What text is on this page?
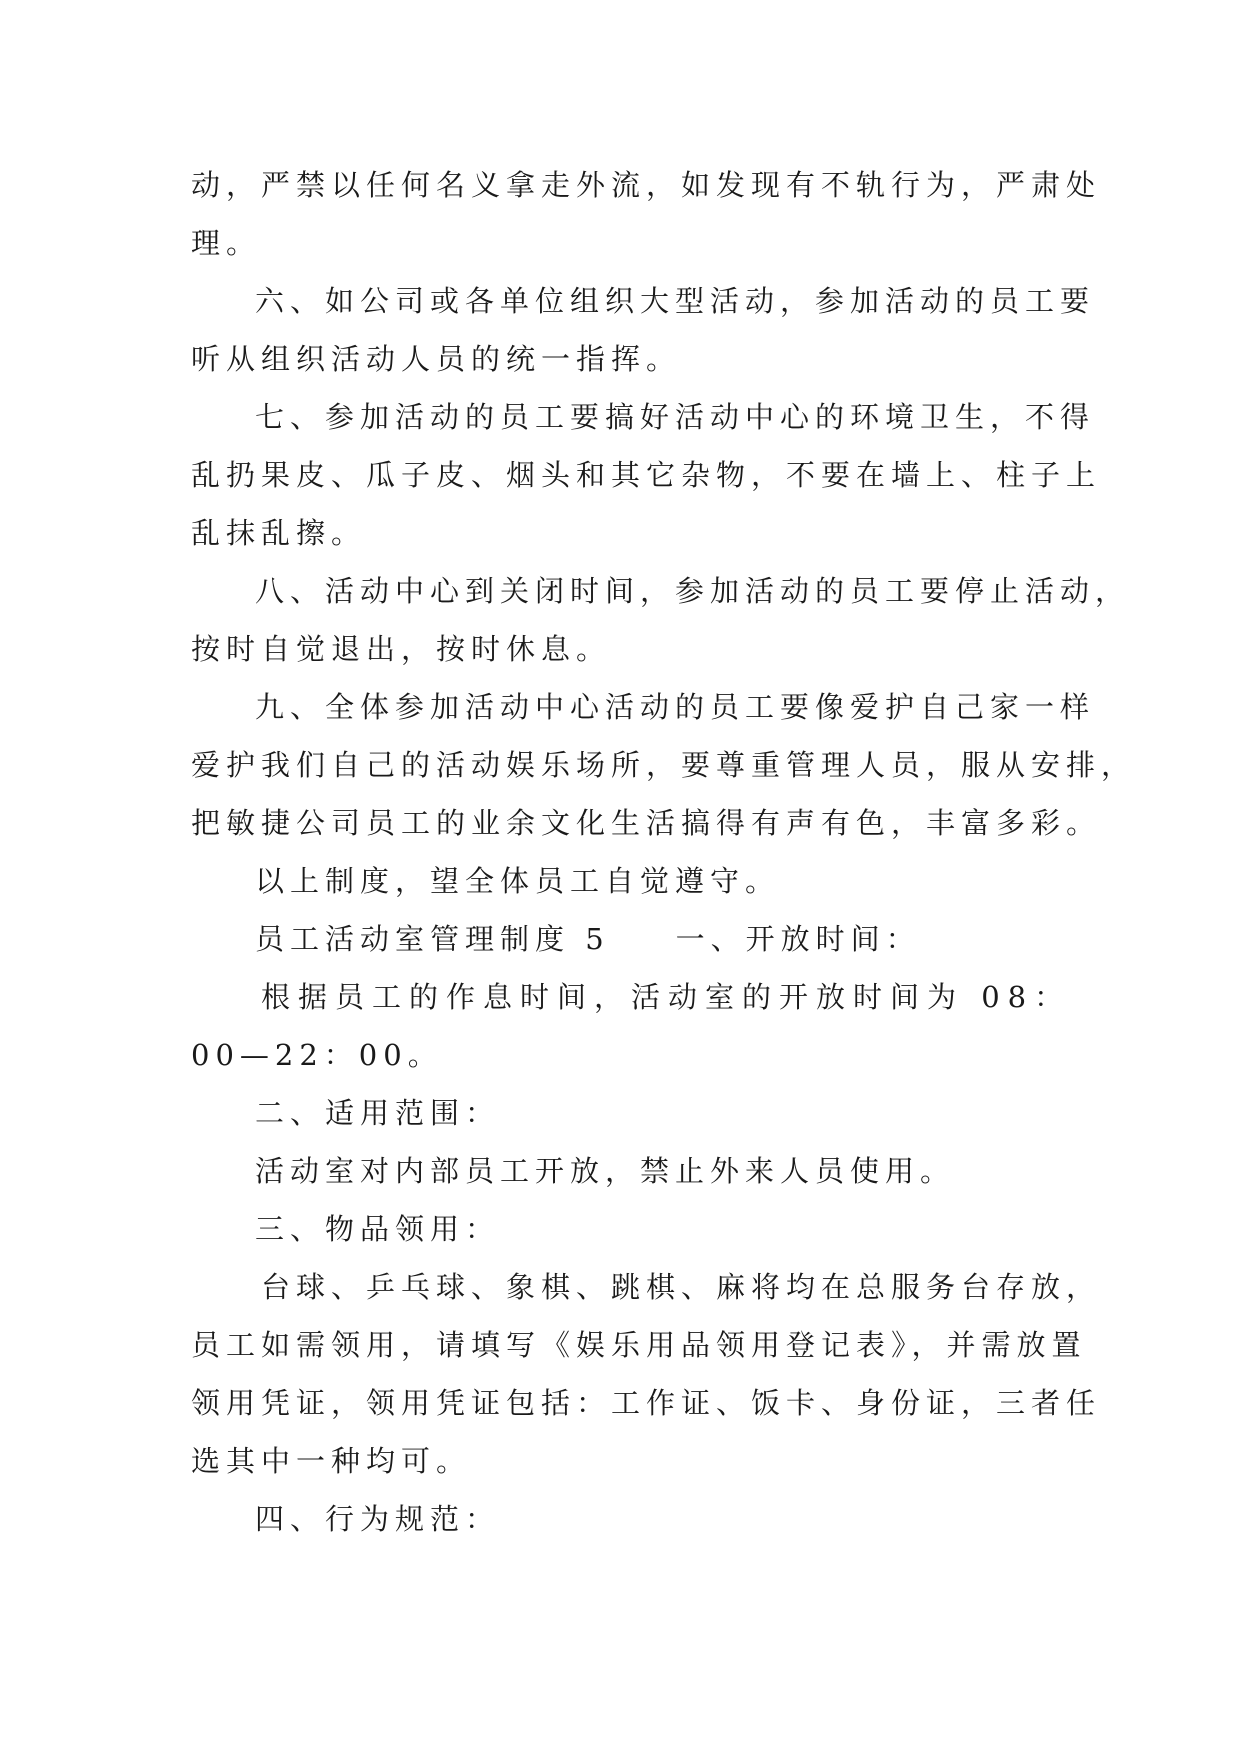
动，严禁以任何名义拿走外流，如发现有不轨行为，严肃处
理。
六、如公司或各单位组织大型活动，参加活动的员工要
听从组织活动人员的统一指挥。
七、参加活动的员工要搞好活动中心的环境卫生，不得
乱扔果皮、瓜子皮、烟头和其它杂物，不要在墙上、柱子上
乱抹乱擦。
八、活动中心到关闭时间，参加活动的员工要停止活动，
按时自觉退出，按时休息。
九、全体参加活动中心活动的员工要像爱护自己家一样
爱护我们自己的活动娱乐场所，要尊重管理人员，服从安排，
把敏捷公司员工的业余文化生活搞得有声有色，丰富多彩。
以上制度，望全体员工自觉遵守。
员工活动室管理制度 5 一、开放时间：
根据员工的作息时间，活动室的开放时间为 08：
00—22：00。
二、适用范围：
活动室对内部员工开放，禁止外来人员使用。
三、物品领用：
台球、乒乓球、象棋、跳棋、麻将均在总服务台存放，
员工如需领用，请填写《娱乐用品领用登记表》，并需放置
领用凭证，领用凭证包括：工作证、饭卡、身份证，三者任
选其中一种均可。
四、行为规范：
